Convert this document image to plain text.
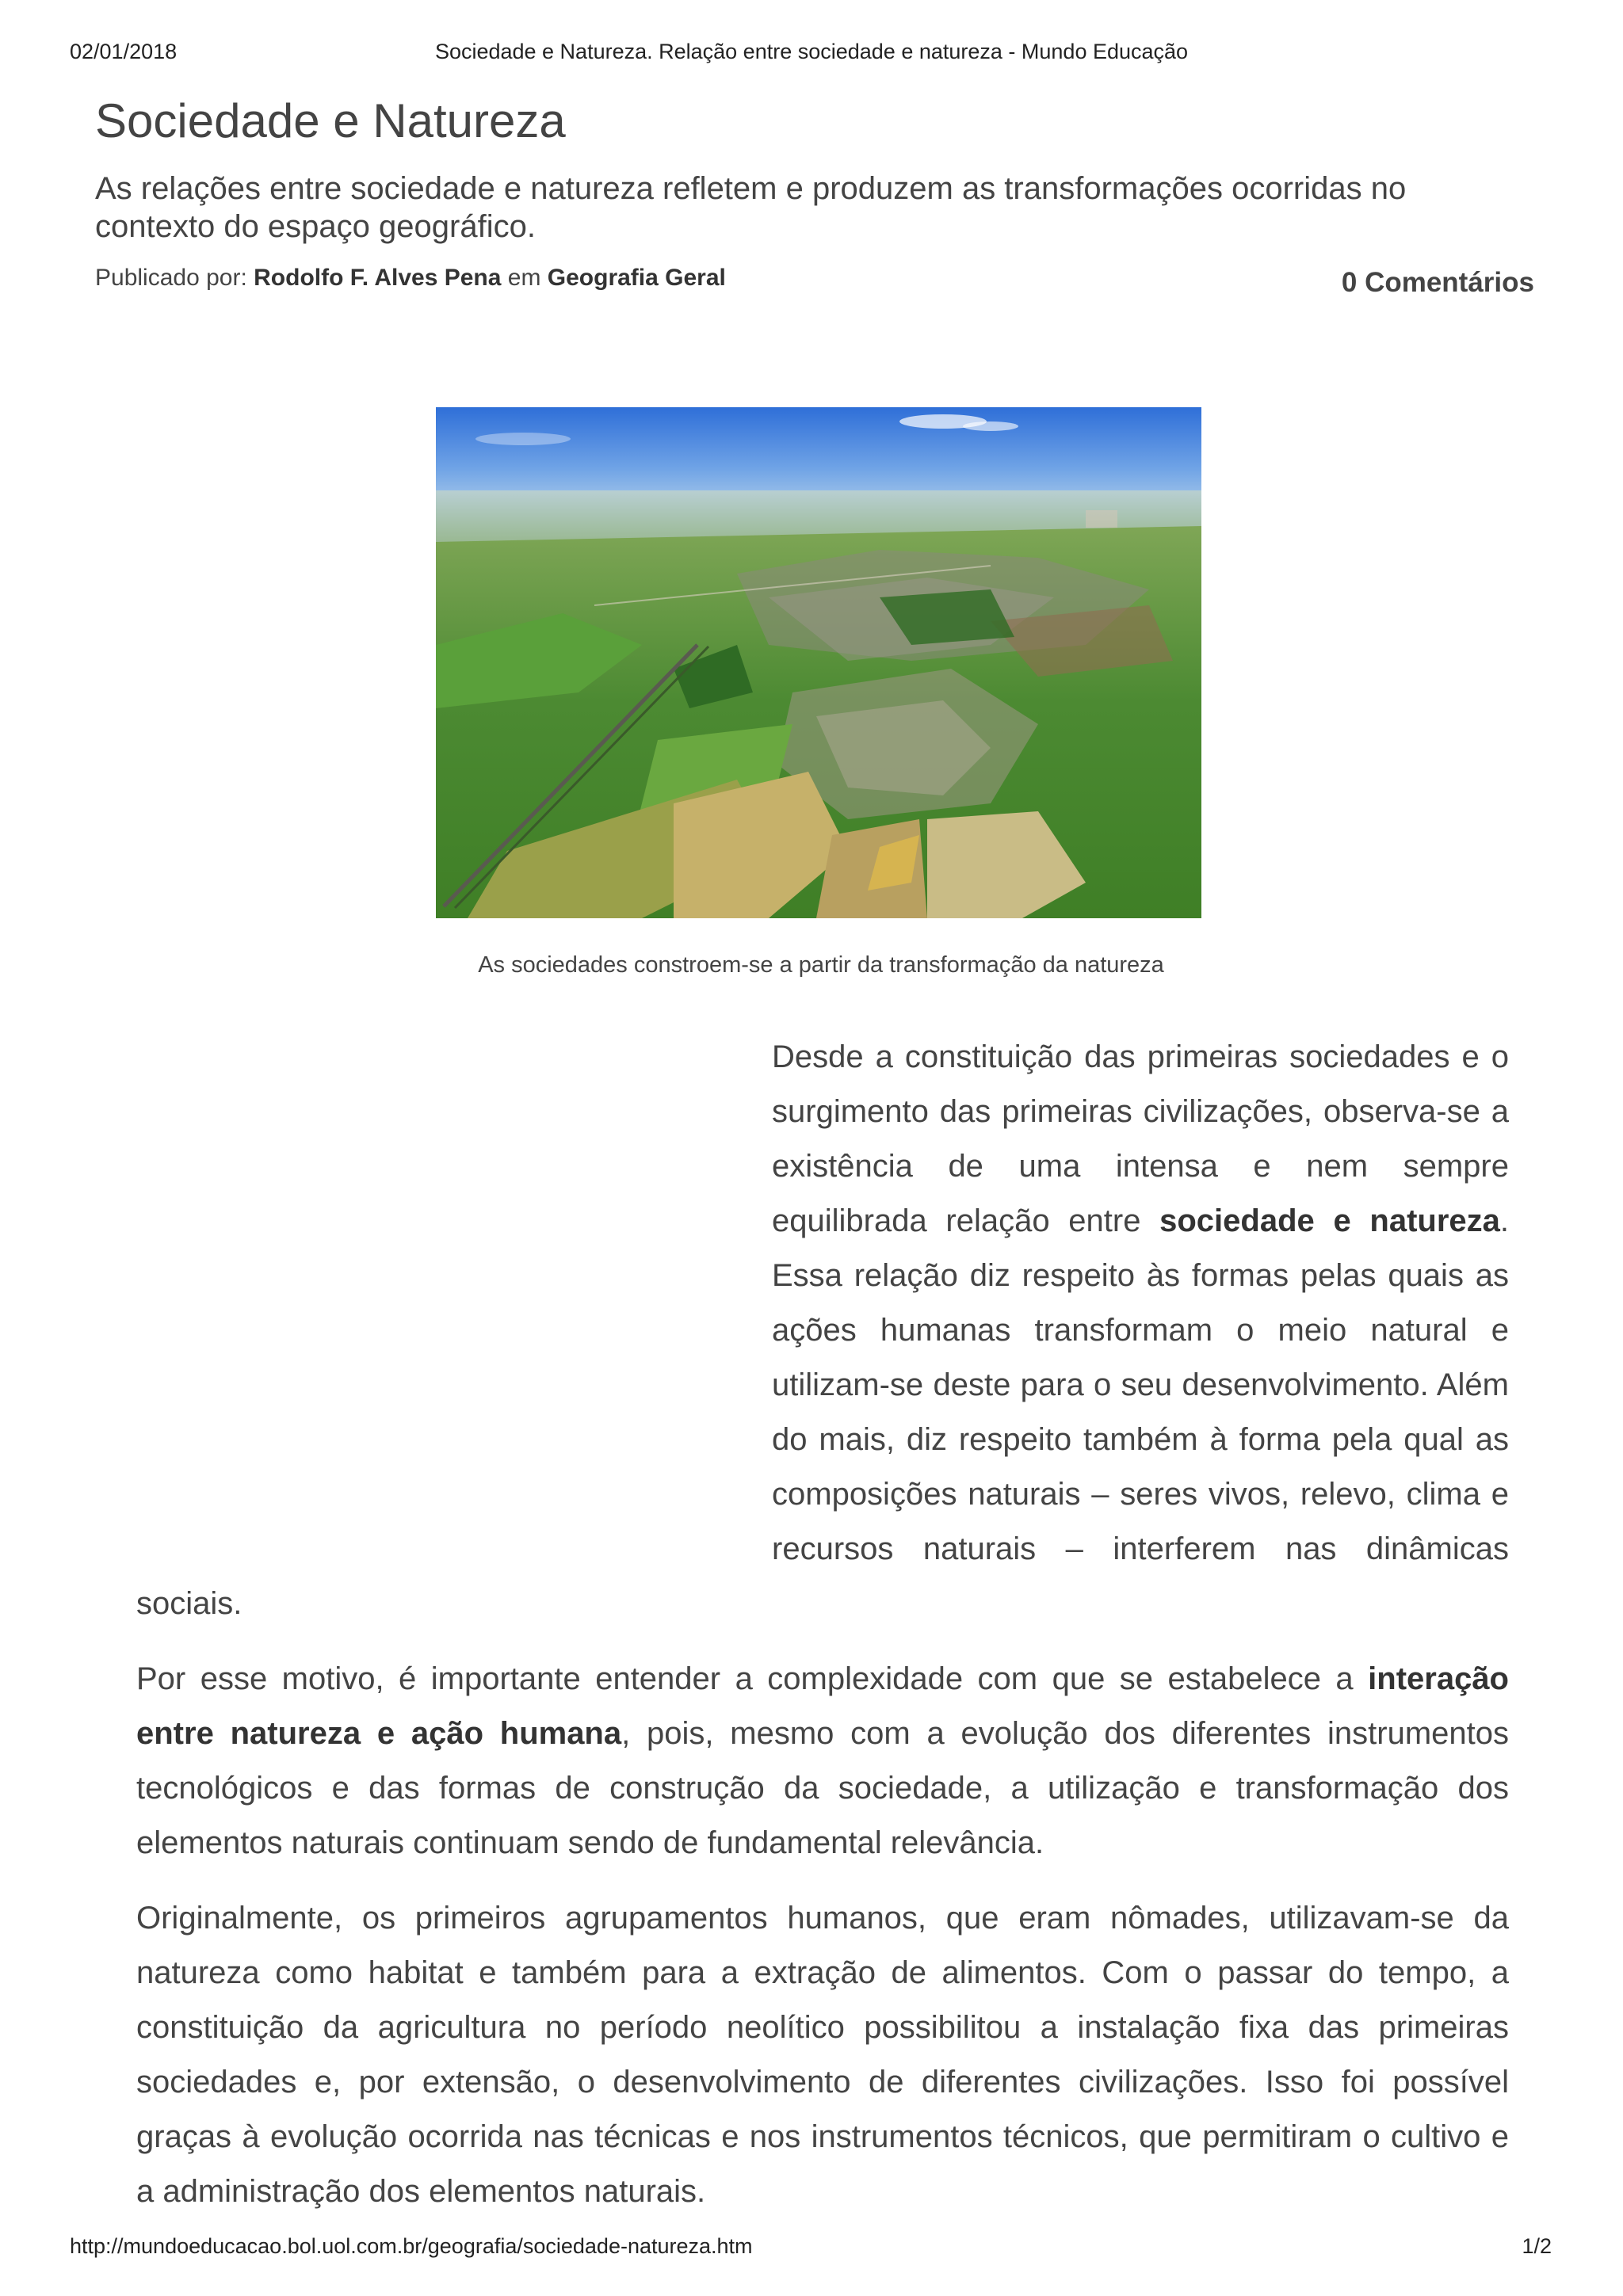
02/01/2018	Sociedade e Natureza. Relação entre sociedade e natureza - Mundo Educação
Sociedade e Natureza

As relações entre sociedade e natureza refletem e produzem as transformações ocorridas no contexto do espaço geográfico.

Publicado por: Rodolfo F. Alves Pena em Geografia Geral	0 Comentários
As sociedades constroem-se a partir da transformação da natureza

Desde a constituição das primeiras sociedades e o surgimento das primeiras civilizações, observa-se a existência de uma intensa e nem sempre equilibrada relação entre sociedade e natureza. Essa relação diz respeito às formas pelas quais as ações humanas transformam o meio natural e utilizam-se deste para o seu desenvolvimento. Além do mais, diz respeito também à forma pela qual as composições naturais – seres vivos, relevo, clima e recursos naturais – interferem nas dinâmicas sociais.

Por esse motivo, é importante entender a complexidade com que se estabelece a interação entre natureza e ação humana, pois, mesmo com a evolução dos diferentes instrumentos tecnológicos e das formas de construção da sociedade, a utilização e transformação dos elementos naturais continuam sendo de fundamental relevância.

Originalmente, os primeiros agrupamentos humanos, que eram nômades, utilizavam-se da natureza como habitat e também para a extração de alimentos. Com o passar do tempo, a constituição da agricultura no período neolítico possibilitou a instalação fixa das primeiras sociedades e, por extensão, o desenvolvimento de diferentes civilizações. Isso foi possível graças à evolução ocorrida nas técnicas e nos instrumentos técnicos, que permitiram o cultivo e a administração dos elementos naturais.

http://mundoeducacao.bol.uol.com.br/geografia/sociedade-natureza.htm	1/2
